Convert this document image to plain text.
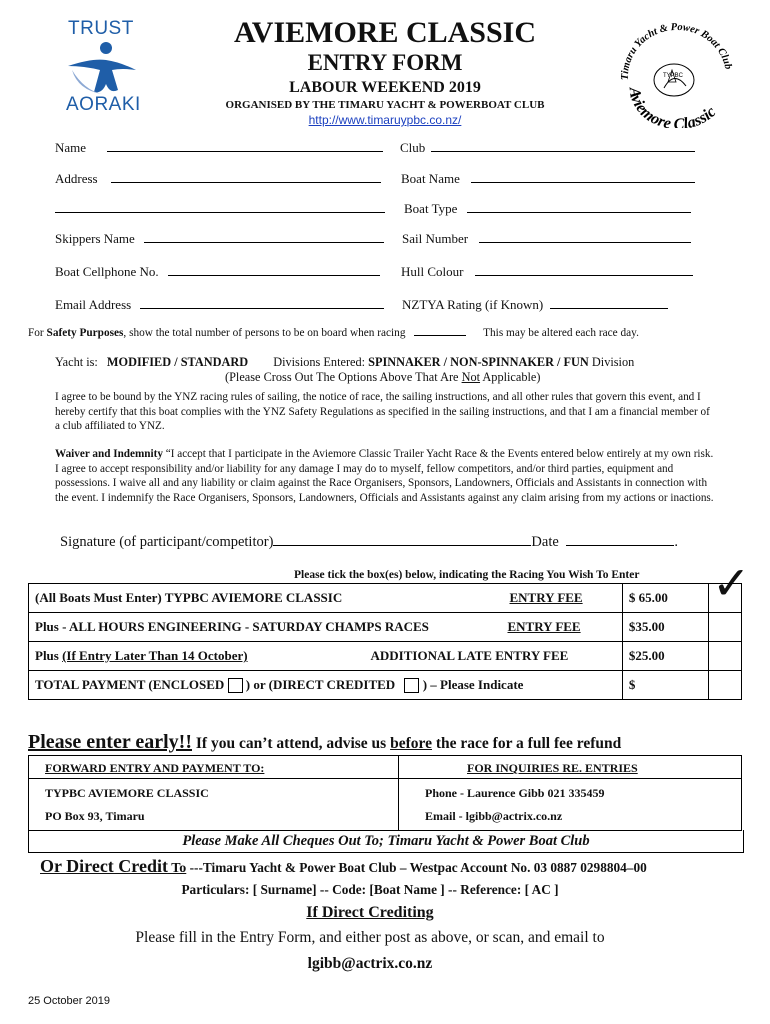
TRUST
AORAKI
Timaru Yacht & Power Boat Club
Aviemore Classic
TYPBC
AVIEMORE CLASSIC
ENTRY FORM
LABOUR WEEKEND 2019
ORGANISED BY THE TIMARU YACHT & POWERBOAT CLUB
http://www.timaruypbc.co.nz/
Name	Club
Address	Boat Name
Boat Type
Skippers Name	Sail Number
Boat Cellphone No.	Hull Colour
Email Address	NZTYA Rating (if Known)
For Safety Purposes, show the total number of persons to be on board when racing	This may be altered each race day.
Yacht is: MODIFIED / STANDARD Divisions Entered: SPINNAKER / NON-SPINNAKER / FUN Division
(Please Cross Out The Options Above That Are Not Applicable)

I agree to be bound by the YNZ racing rules of sailing, the notice of race, the sailing instructions, and all other rules that govern this event, and I hereby certify that this boat complies with the YNZ Safety Regulations as specified in the sailing instructions, and that I am a financial member of a club affiliated to YNZ.

Waiver and Indemnity “I accept that I participate in the Aviemore Classic Trailer Yacht Race & the Events entered below entirely at my own risk. I agree to accept responsibility and/or liability for any damage I may do to myself, fellow competitors, and/or third parties, equipment and possessions. I waive all and any liability or claim against the Race Organisers, Sponsors, Landowners, Officials and Assistants in connection with the event. I indemnify the Race Organisers, Sponsors, Landowners, Officials and Assistants against any claim arising from my actions or inactions.

Signature (of participant/competitor)	Date	.
Please tick the box(es) below, indicating the Racing You Wish To Enter ✓
(All Boats Must Enter) TYPBC AVIEMORE CLASSIC ENTRY FEE	$ 65.00	
Plus - ALL HOURS ENGINEERING - SATURDAY CHAMPS RACES ENTRY FEE	$35.00	
Plus (If Entry Later Than 14 October) ADDITIONAL LATE ENTRY FEE	$25.00	
TOTAL PAYMENT (ENCLOSED ) or (DIRECT CREDITED ) – Please Indicate	$	
Please enter early!! If you can’t attend, advise us before the race for a full fee refund
FORWARD ENTRY AND PAYMENT TO:
TYPBC AVIEMORE CLASSIC
PO Box 93, Timaru
FOR INQUIRIES RE. ENTRIES
Phone - Laurence Gibb 021 335459
Email - lgibb@actrix.co.nz
Please Make All Cheques Out To; Timaru Yacht & Power Boat Club
Or Direct Credit To ---Timaru Yacht & Power Boat Club – Westpac Account No. 03 0887 0298804–00
Particulars: [ Surname] -- Code: [Boat Name ] -- Reference: [ AC ]
If Direct Crediting
Please fill in the Entry Form, and either post as above, or scan, and email to
lgibb@actrix.co.nz
25 October 2019
